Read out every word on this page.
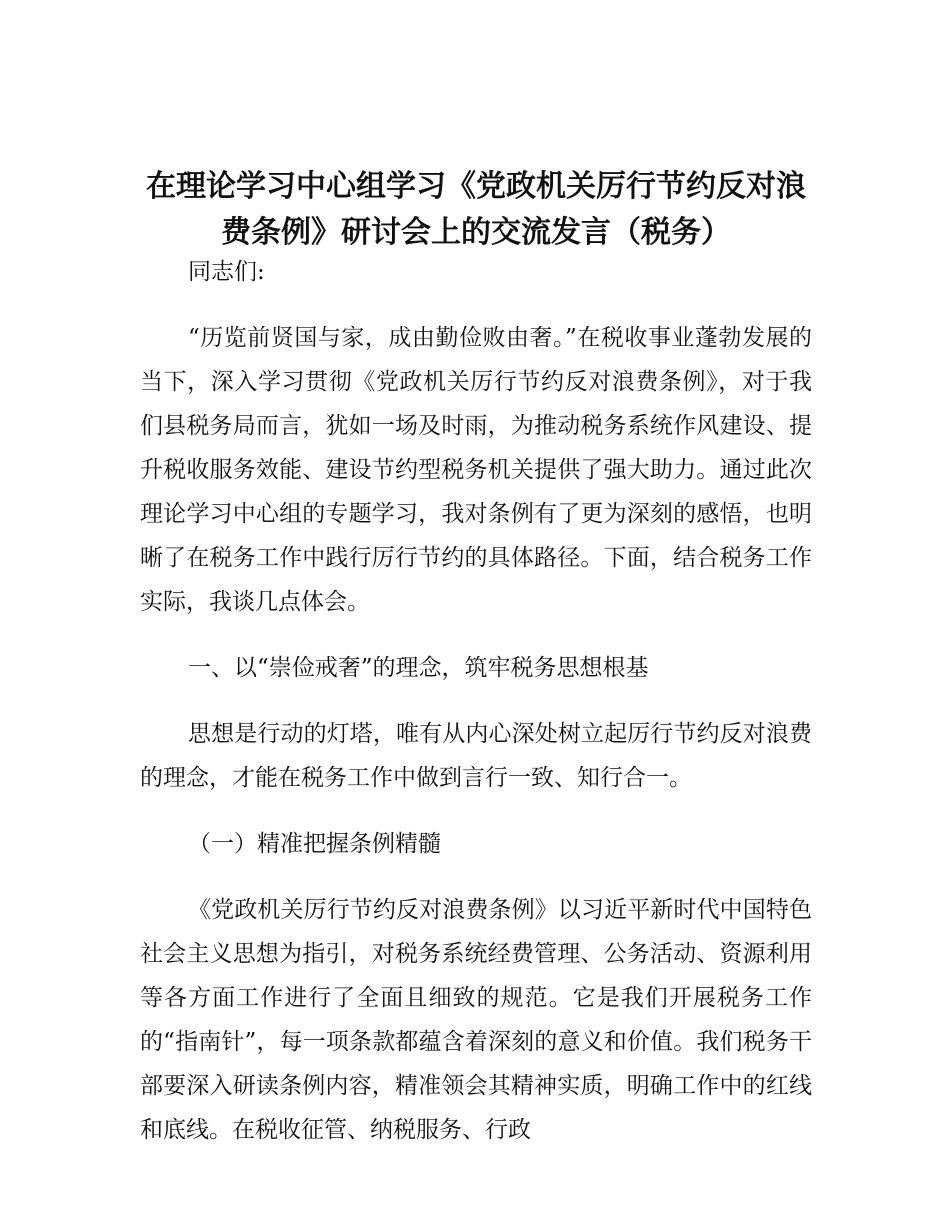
在理论学习中心组学习《党政机关厉行节约反对浪费条例》研讨会上的交流发言（税务）

同志们:

“历览前贤国与家，成由勤俭败由奢。”在税收事业蓬勃发展的当下，深入学习贯彻《党政机关厉行节约反对浪费条例》，对于我们县税务局而言，犹如一场及时雨，为推动税务系统作风建设、提升税收服务效能、建设节约型税务机关提供了强大助力。通过此次理论学习中心组的专题学习，我对条例有了更为深刻的感悟，也明晰了在税务工作中践行厉行节约的具体路径。下面，结合税务工作实际，我谈几点体会。

一、以“崇俭戒奢”的理念，筑牢税务思想根基

思想是行动的灯塔，唯有从内心深处树立起厉行节约反对浪费的理念，才能在税务工作中做到言行一致、知行合一。

（一）精准把握条例精髓

《党政机关厉行节约反对浪费条例》以习近平新时代中国特色社会主义思想为指引，对税务系统经费管理、公务活动、资源利用等各方面工作进行了全面且细致的规范。它是我们开展税务工作的“指南针”，每一项条款都蕴含着深刻的意义和价值。我们税务干部要深入研读条例内容，精准领会其精神实质，明确工作中的红线和底线。在税收征管、纳税服务、行政
